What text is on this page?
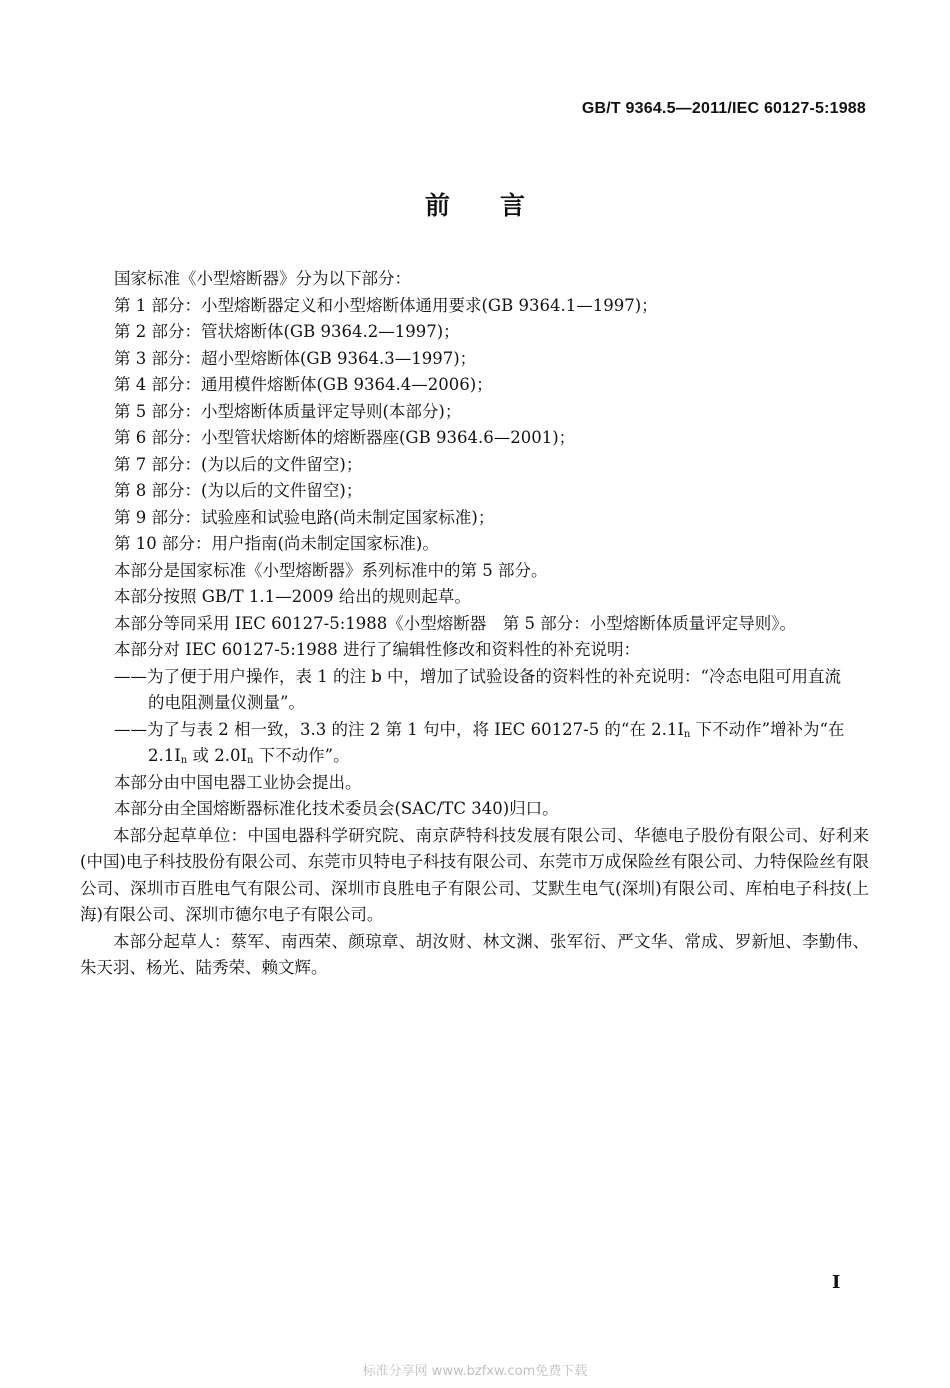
GB/T 9364.5—2011/IEC 60127-5:1988
前言
国家标准《小型熔断器》分为以下部分：
第 1 部分：小型熔断器定义和小型熔断体通用要求(GB 9364.1—1997)；
第 2 部分：管状熔断体(GB 9364.2—1997)；
第 3 部分：超小型熔断体(GB 9364.3—1997)；
第 4 部分：通用模件熔断体(GB 9364.4—2006)；
第 5 部分：小型熔断体质量评定导则(本部分)；
第 6 部分：小型管状熔断体的熔断器座(GB 9364.6—2001)；
第 7 部分：(为以后的文件留空)；
第 8 部分：(为以后的文件留空)；
第 9 部分：试验座和试验电路(尚未制定国家标准)；
第 10 部分：用户指南(尚未制定国家标准)。
本部分是国家标准《小型熔断器》系列标准中的第 5 部分。
本部分按照 GB/T 1.1—2009 给出的规则起草。
本部分等同采用 IEC 60127-5:1988《小型熔断器　第 5 部分：小型熔断体质量评定导则》。
本部分对 IEC 60127-5:1988 进行了编辑性修改和资料性的补充说明：
——为了便于用户操作，表 1 的注 b 中，增加了试验设备的资料性的补充说明：“冷态电阻可用直流
的电阻测量仪测量”。
——为了与表 2 相一致，3.3 的注 2 第 1 句中，将 IEC 60127-5 的“在 $2.1I_n$ 下不动作”增补为“在
$2.1I_n$ 或 $2.0I_n$ 下不动作”。
本部分由中国电器工业协会提出。
本部分由全国熔断器标准化技术委员会(SAC/TC 340)归口。
本部分起草单位：中国电器科学研究院、南京萨特科技发展有限公司、华德电子股份有限公司、好利来(中国)电子科技股份有限公司、东莞市贝特电子科技有限公司、东莞市万成保险丝有限公司、力特保险丝有限公司、深圳市百胜电气有限公司、深圳市良胜电子有限公司、艾默生电气(深圳)有限公司、库柏电子科技(上海)有限公司、深圳市德尔电子有限公司。
本部分起草人：蔡军、南西荣、颜琼章、胡汝财、林文渊、张军衍、严文华、常成、罗新旭、李勤伟、朱天羽、杨光、陆秀荣、赖文辉。
I
标准分享网 www.bzfxw.com免费下载
